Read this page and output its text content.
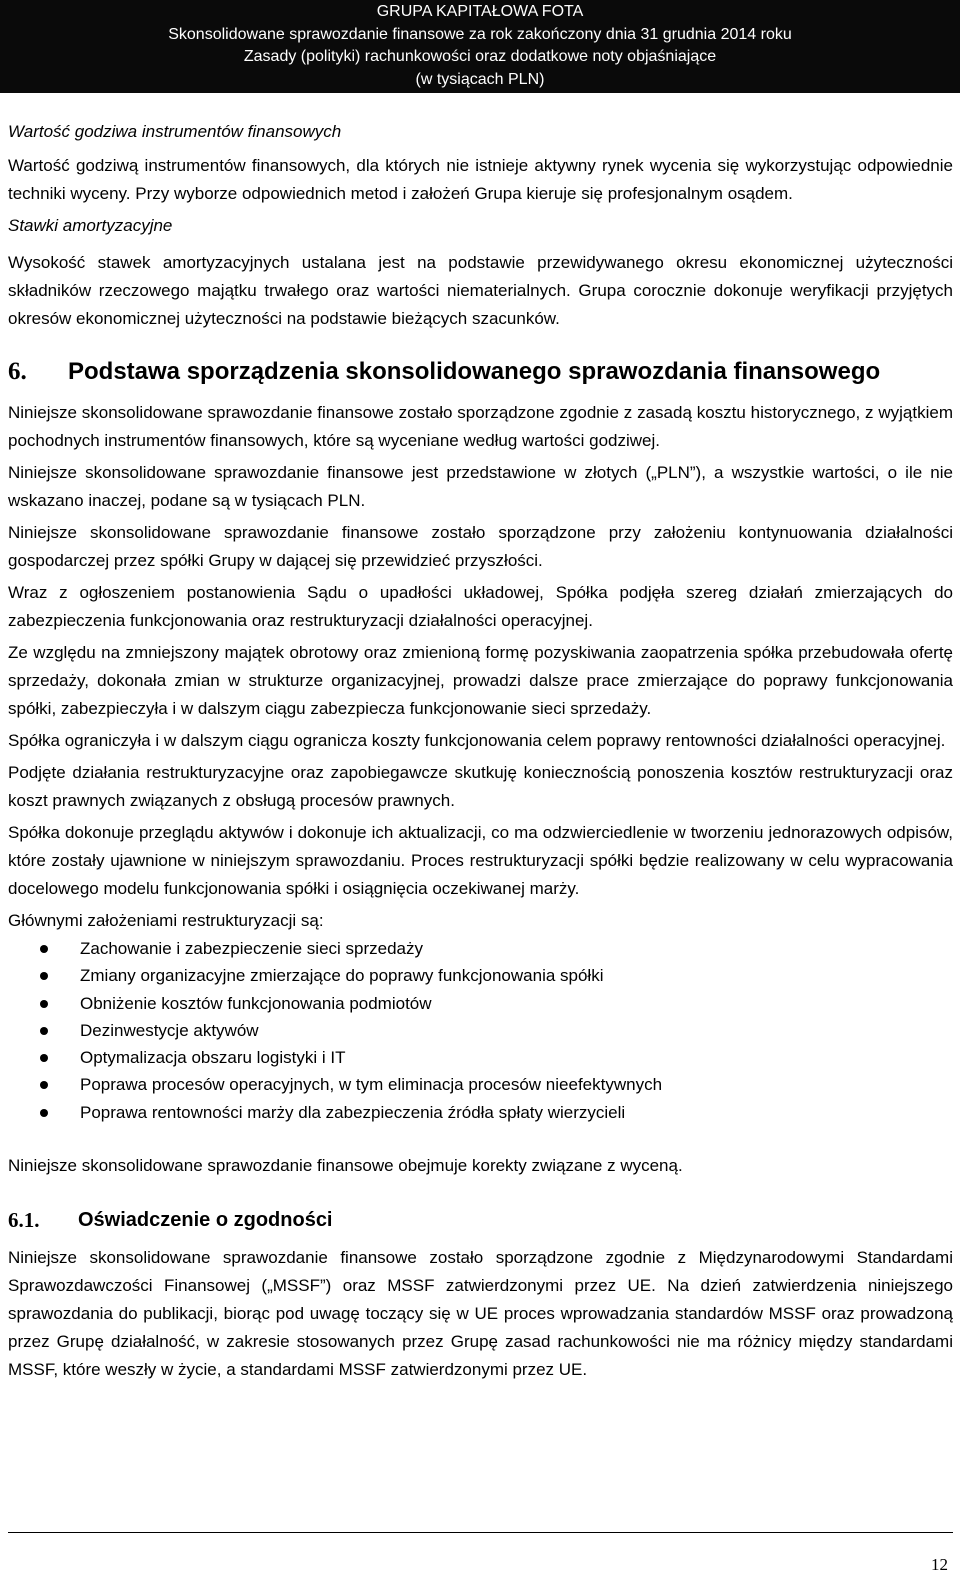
GRUPA KAPITAŁOWA FOTA
Skonsolidowane sprawozdanie finansowe za rok zakończony dnia 31 grudnia 2014 roku
Zasady (polityki) rachunkowości oraz dodatkowe noty objaśniające
(w tysiącach PLN)

Wartość godziwa instrumentów finansowych

Wartość godziwą instrumentów finansowych, dla których nie istnieje aktywny rynek wycenia się wykorzystując odpowiednie techniki wyceny. Przy wyborze odpowiednich metod i założeń Grupa kieruje się profesjonalnym osądem.

Stawki amortyzacyjne

Wysokość stawek amortyzacyjnych ustalana jest na podstawie przewidywanego okresu ekonomicznej użyteczności składników rzeczowego majątku trwałego oraz wartości niematerialnych. Grupa corocznie dokonuje weryfikacji przyjętych okresów ekonomicznej użyteczności na podstawie bieżących szacunków.

6.	Podstawa sporządzenia skonsolidowanego sprawozdania finansowego

Niniejsze skonsolidowane sprawozdanie finansowe zostało sporządzone zgodnie z zasadą kosztu historycznego, z wyjątkiem pochodnych instrumentów finansowych, które są wyceniane według wartości godziwej.

Niniejsze skonsolidowane sprawozdanie finansowe jest przedstawione w złotych („PLN”), a wszystkie wartości, o ile nie wskazano inaczej, podane są w tysiącach PLN.

Niniejsze skonsolidowane sprawozdanie finansowe zostało sporządzone przy założeniu kontynuowania działalności gospodarczej przez spółki Grupy w dającej się przewidzieć przyszłości.

Wraz z ogłoszeniem postanowienia Sądu o upadłości układowej, Spółka podjęła szereg działań zmierzających do zabezpieczenia funkcjonowania oraz restrukturyzacji działalności operacyjnej.

Ze względu na zmniejszony majątek obrotowy oraz zmienioną formę pozyskiwania zaopatrzenia spółka przebudowała ofertę sprzedaży, dokonała zmian w strukturze organizacyjnej, prowadzi dalsze prace zmierzające do poprawy funkcjonowania spółki, zabezpieczyła i w dalszym ciągu zabezpiecza funkcjonowanie sieci sprzedaży.

Spółka ograniczyła i w dalszym ciągu ogranicza koszty funkcjonowania celem poprawy rentowności działalności operacyjnej.

Podjęte działania restrukturyzacyjne oraz zapobiegawcze skutkuję koniecznością ponoszenia kosztów restrukturyzacji oraz koszt prawnych związanych z obsługą procesów prawnych.

Spółka dokonuje przeglądu aktywów i dokonuje ich aktualizacji, co ma odzwierciedlenie w tworzeniu jednorazowych odpisów, które zostały ujawnione w niniejszym sprawozdaniu. Proces restrukturyzacji spółki będzie realizowany w celu wypracowania docelowego modelu funkcjonowania spółki i osiągnięcia oczekiwanej marży.

Głównymi założeniami restrukturyzacji są:

Zachowanie i zabezpieczenie sieci sprzedaży
Zmiany organizacyjne zmierzające do poprawy funkcjonowania spółki
Obniżenie kosztów funkcjonowania podmiotów
Dezinwestycje aktywów
Optymalizacja obszaru logistyki i IT
Poprawa procesów operacyjnych, w tym eliminacja procesów nieefektywnych
Poprawa rentowności marży dla zabezpieczenia źródła spłaty wierzycieli

Niniejsze skonsolidowane sprawozdanie finansowe obejmuje korekty związane z wyceną.

6.1.	Oświadczenie o zgodności

Niniejsze skonsolidowane sprawozdanie finansowe zostało sporządzone zgodnie z Międzynarodowymi Standardami Sprawozdawczości Finansowej („MSSF”) oraz MSSF zatwierdzonymi przez UE. Na dzień zatwierdzenia niniejszego sprawozdania do publikacji, biorąc pod uwagę toczący się w UE proces wprowadzania standardów MSSF oraz prowadzoną przez Grupę działalność, w zakresie stosowanych przez Grupę zasad rachunkowości nie ma różnicy między standardami MSSF, które weszły w życie, a standardami MSSF zatwierdzonymi przez UE.

12
